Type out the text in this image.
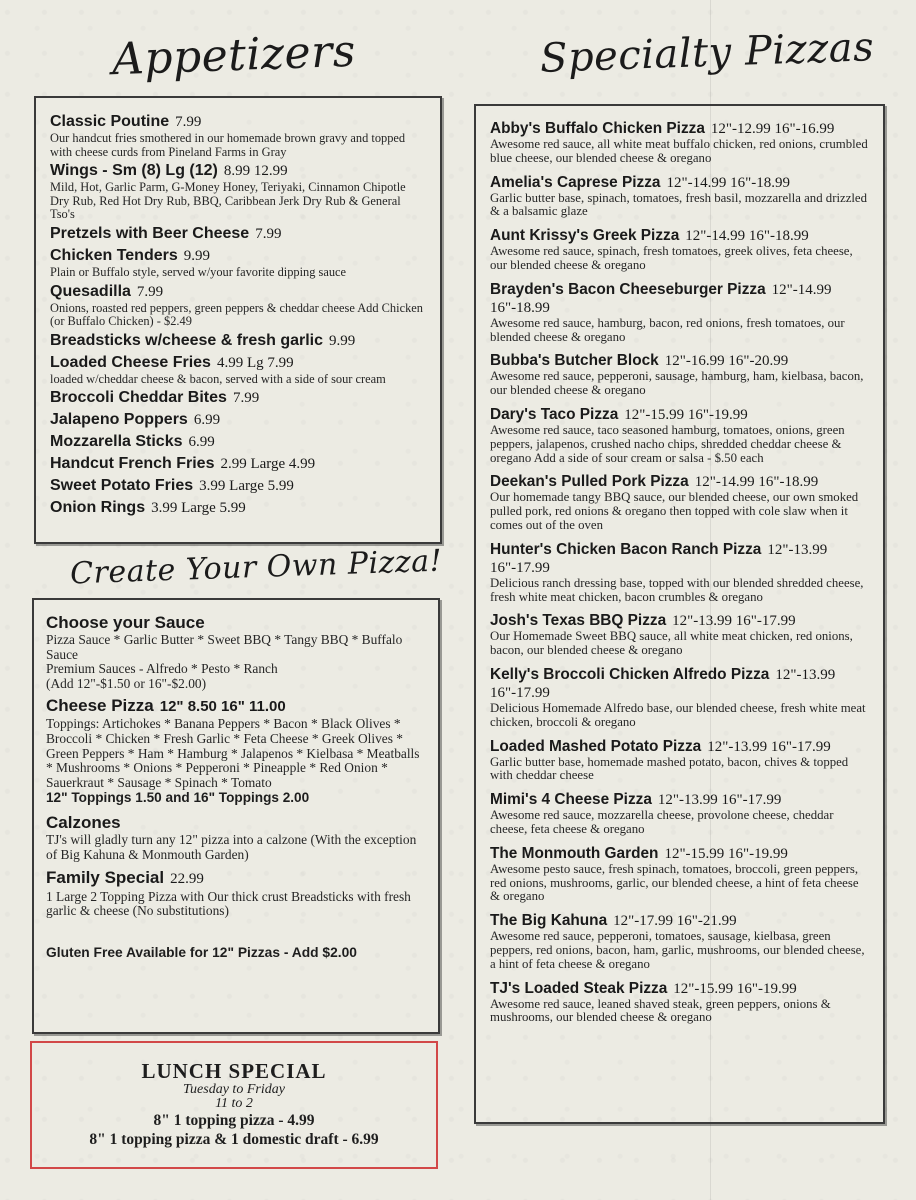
Appetizers
Classic Poutine 7.99
Our handcut fries smothered in our homemade brown gravy and topped with cheese curds from Pineland Farms in Gray
Wings - Sm (8) Lg (12) 8.99 12.99
Mild, Hot, Garlic Parm, G-Money Honey, Teriyaki, Cinnamon Chipotle Dry Rub, Red Hot Dry Rub, BBQ, Caribbean Jerk Dry Rub & General Tso's
Pretzels with Beer Cheese 7.99
Chicken Tenders 9.99
Plain or Buffalo style, served w/your favorite dipping sauce
Quesadilla 7.99
Onions, roasted red peppers, green peppers & cheddar cheese Add Chicken (or Buffalo Chicken) - $2.49
Breadsticks w/cheese & fresh garlic 9.99
Loaded Cheese Fries 4.99 Lg 7.99
loaded w/cheddar cheese & bacon, served with a side of sour cream
Broccoli Cheddar Bites 7.99
Jalapeno Poppers 6.99
Mozzarella Sticks 6.99
Handcut French Fries 2.99 Large 4.99
Sweet Potato Fries 3.99 Large 5.99
Onion Rings 3.99 Large 5.99
Create Your Own Pizza!
Choose your Sauce
Pizza Sauce * Garlic Butter * Sweet BBQ * Tangy BBQ * Buffalo Sauce
Premium Sauces - Alfredo * Pesto * Ranch
(Add 12"-$1.50 or 16"-$2.00)
Cheese Pizza 12" 8.50 16" 11.00
Toppings: Artichokes * Banana Peppers * Bacon * Black Olives * Broccoli * Chicken * Fresh Garlic * Feta Cheese * Greek Olives * Green Peppers * Ham * Hamburg * Jalapenos * Kielbasa * Meatballs * Mushrooms * Onions * Pepperoni * Pineapple * Red Onion * Sauerkraut * Sausage * Spinach * Tomato
12" Toppings 1.50 and 16" Toppings 2.00
Calzones
TJ's will gladly turn any 12" pizza into a calzone (With the exception of Big Kahuna & Monmouth Garden)
Family Special 22.99
1 Large 2 Topping Pizza with Our thick crust Breadsticks with fresh garlic & cheese (No substitutions)
Gluten Free Available for 12" Pizzas - Add $2.00
LUNCH SPECIAL
Tuesday to Friday
11 to 2
8" 1 topping pizza - 4.99
8" 1 topping pizza & 1 domestic draft - 6.99
Specialty Pizzas
Abby's Buffalo Chicken Pizza 12"-12.99 16"-16.99
Awesome red sauce, all white meat buffalo chicken, red onions, crumbled blue cheese, our blended cheese & oregano
Amelia's Caprese Pizza 12"-14.99 16"-18.99
Garlic butter base, spinach, tomatoes, fresh basil, mozzarella and drizzled & a balsamic glaze
Aunt Krissy's Greek Pizza 12"-14.99 16"-18.99
Awesome red sauce, spinach, fresh tomatoes, greek olives, feta cheese, our blended cheese & oregano
Brayden's Bacon Cheeseburger Pizza 12"-14.99 16"-18.99
Awesome red sauce, hamburg, bacon, red onions, fresh tomatoes, our blended cheese & oregano
Bubba's Butcher Block 12"-16.99 16"-20.99
Awesome red sauce, pepperoni, sausage, hamburg, ham, kielbasa, bacon, our blended cheese & oregano
Dary's Taco Pizza 12"-15.99 16"-19.99
Awesome red sauce, taco seasoned hamburg, tomatoes, onions, green peppers, jalapenos, crushed nacho chips, shredded cheddar cheese & oregano Add a side of sour cream or salsa - $.50 each
Deekan's Pulled Pork Pizza 12"-14.99 16"-18.99
Our homemade tangy BBQ sauce, our blended cheese, our own smoked pulled pork, red onions & oregano then topped with cole slaw when it comes out of the oven
Hunter's Chicken Bacon Ranch Pizza 12"-13.99 16"-17.99
Delicious ranch dressing base, topped with our blended shredded cheese, fresh white meat chicken, bacon crumbles & oregano
Josh's Texas BBQ Pizza 12"-13.99 16"-17.99
Our Homemade Sweet BBQ sauce, all white meat chicken, red onions, bacon, our blended cheese & oregano
Kelly's Broccoli Chicken Alfredo Pizza 12"-13.99 16"-17.99
Delicious Homemade Alfredo base, our blended cheese, fresh white meat chicken, broccoli & oregano
Loaded Mashed Potato Pizza 12"-13.99 16"-17.99
Garlic butter base, homemade mashed potato, bacon, chives & topped with cheddar cheese
Mimi's 4 Cheese Pizza 12"-13.99 16"-17.99
Awesome red sauce, mozzarella cheese, provolone cheese, cheddar cheese, feta cheese & oregano
The Monmouth Garden 12"-15.99 16"-19.99
Awesome pesto sauce, fresh spinach, tomatoes, broccoli, green peppers, red onions, mushrooms, garlic, our blended cheese, a hint of feta cheese & oregano
The Big Kahuna 12"-17.99 16"-21.99
Awesome red sauce, pepperoni, tomatoes, sausage, kielbasa, green peppers, red onions, bacon, ham, garlic, mushrooms, our blended cheese, a hint of feta cheese & oregano
TJ's Loaded Steak Pizza 12"-15.99 16"-19.99
Awesome red sauce, leaned shaved steak, green peppers, onions & mushrooms, our blended cheese & oregano
